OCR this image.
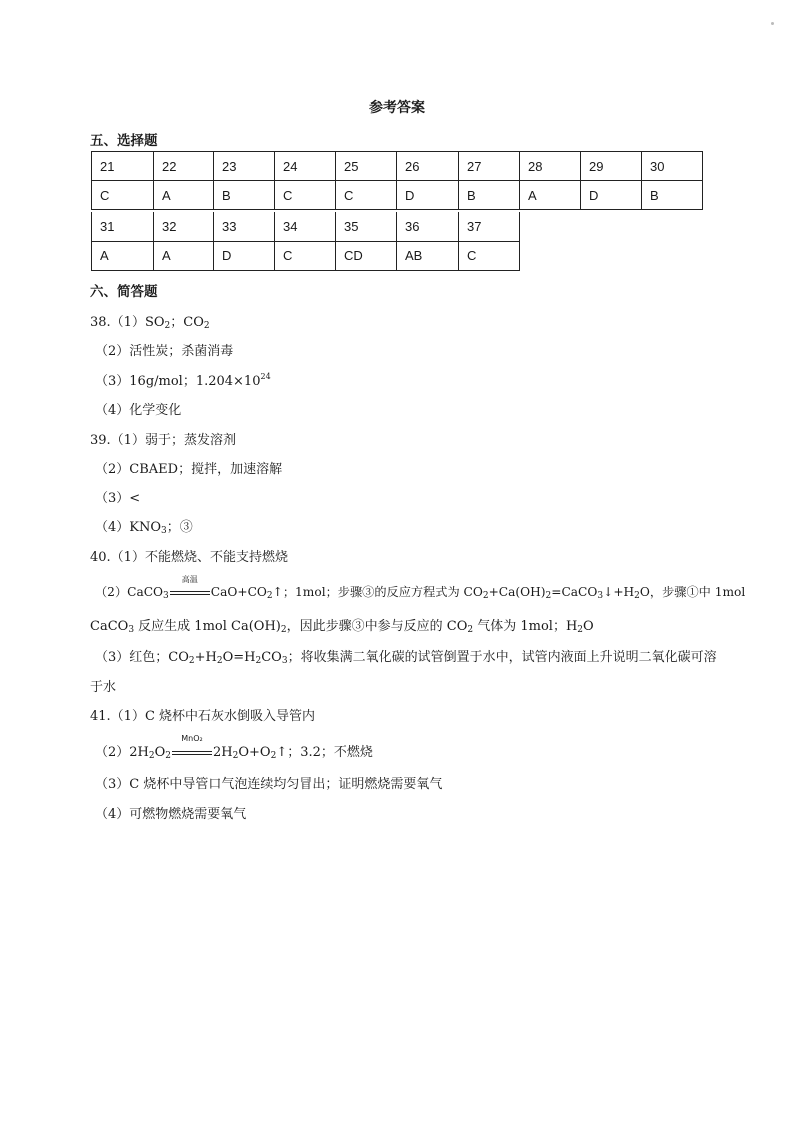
参考答案
五、选择题
21	22	23	24	25	26	27	28	29	30
C	A	B	C	C	D	B	A	D	B
31	32	33	34	35	36	37
A	A	D	C	CD	AB	C
六、简答题
$38.(1)SO_2$；$CO_2$
（2）活性炭；杀菌消毒
（3）16g/mol；$1.204\times 10^{24}$
（4）化学变化
39.（1）弱于；蒸发溶剂
（2）CBAED；搅拌，加速溶解
（3）<
$(4)KNO_3$；③
40.（1）不能燃烧、不能支持燃烧
（2）CaCO$_3$
高温
$CaO+CO_2↑$；1mol；步骤③的反应方程式为 $CO_2+Ca(OH)_2=CaCO_3↓+H_2O$，步骤①中 1mol
CaCO$_3$ 反应生成 1mol $Ca(OH)_2$，因此步骤③中参与反应的 $CO_2$ 气体为 1mol；$H_2O$
（3）红色；$CO_2+H_2O=H_2CO_3$；将收集满二氧化碳的试管倒置于水中，试管内液面上升说明二氧化碳可溶
于水
41.（1）C 烧杯中石灰水倒吸入导管内
$(2)2H_2O_2$
MnO₂
$2H_2O+O_2↑$；3.2；不燃烧
（3）C 烧杯中导管口气泡连续均匀冒出；证明燃烧需要氧气
（4）可燃物燃烧需要氧气
